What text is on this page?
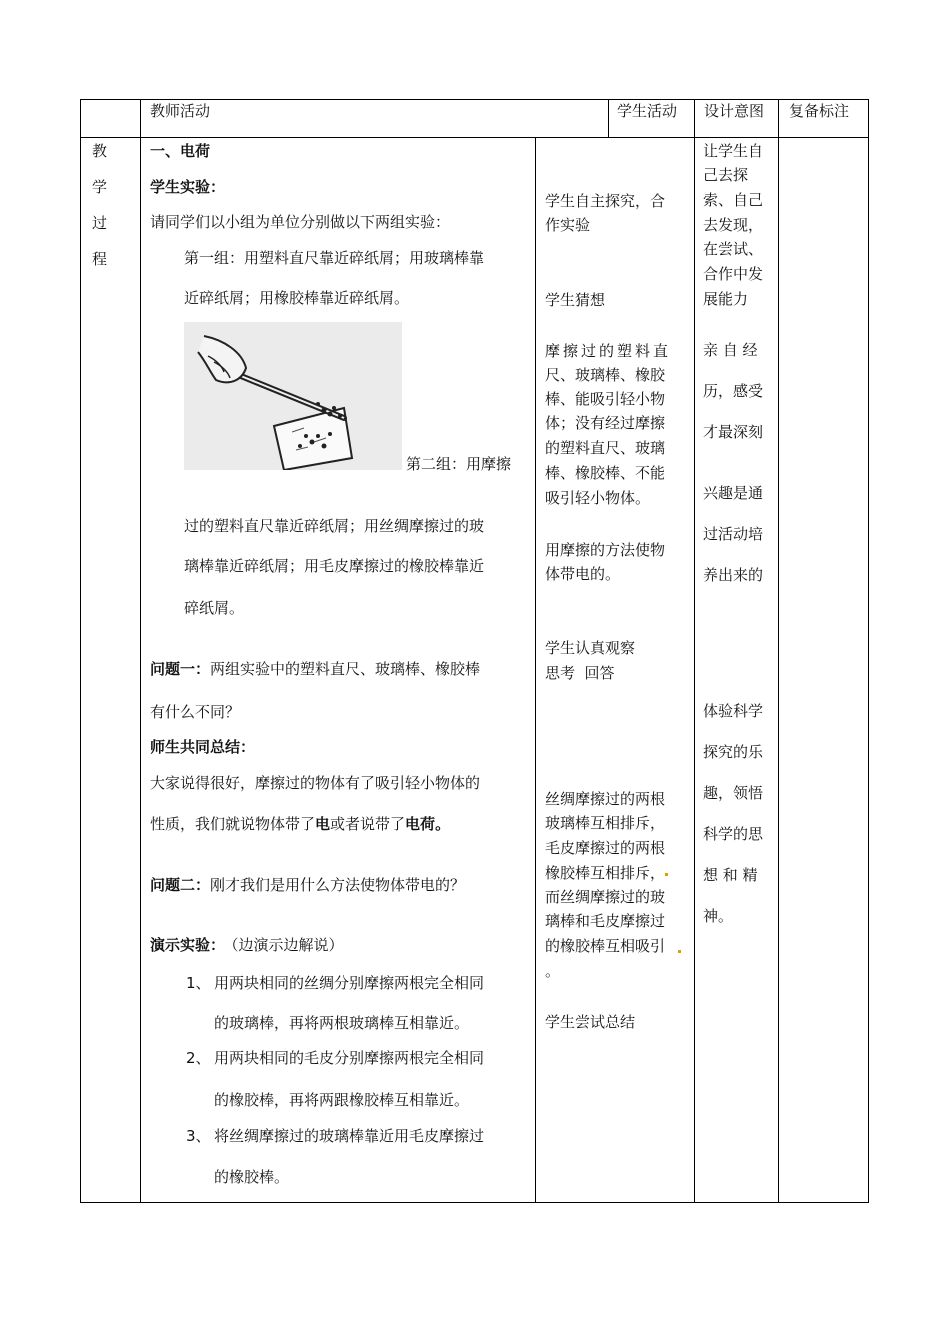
教师活动	学生活动 设计意图 复备标注
教
学
过
程
一、电荷
学生实验：
请同学们以小组为单位分别做以下两组实验：
第一组：用塑料直尺靠近碎纸屑；用玻璃棒靠
近碎纸屑；用橡胶棒靠近碎纸屑。
第二组：用摩擦
过的塑料直尺靠近碎纸屑；用丝绸摩擦过的玻
璃棒靠近碎纸屑；用毛皮摩擦过的橡胶棒靠近
碎纸屑。
问题一：两组实验中的塑料直尺、玻璃棒、橡胶棒
有什么不同？
师生共同总结：
大家说得很好，摩擦过的物体有了吸引轻小物体的
性质，我们就说物体带了电或者说带了电荷。
问题二：刚才我们是用什么方法使物体带电的？
演示实验： （边演示边解说）
1、 用两块相同的丝绸分别摩擦两根完全相同
的玻璃棒，再将两根玻璃棒互相靠近。
2、 用两块相同的毛皮分别摩擦两根完全相同
的橡胶棒，再将两跟橡胶棒互相靠近。
3、 将丝绸摩擦过的玻璃棒靠近用毛皮摩擦过
的橡胶棒。
学生自主探究，合
作实验
学生猜想
摩擦过的塑料直
尺、玻璃棒、橡胶
棒、能吸引轻小物
体；没有经过摩擦
的塑料直尺、玻璃
棒、橡胶棒、不能
吸引轻小物体。
用摩擦的方法使物
体带电的。
学生认真观察
思考  回答
丝绸摩擦过的两根
玻璃棒互相排斥，
毛皮摩擦过的两根
橡胶棒互相排斥，
而丝绸摩擦过的玻
璃棒和毛皮摩擦过
的橡胶棒互相吸引
。
学生尝试总结
让学生自
己去探
索、自己
去发现，
在尝试、
合作中发
展能力
亲 自 经
历，感受
才最深刻
兴趣是通
过活动培
养出来的
体验科学
探究的乐
趣，领悟
科学的思
想 和 精
神。
